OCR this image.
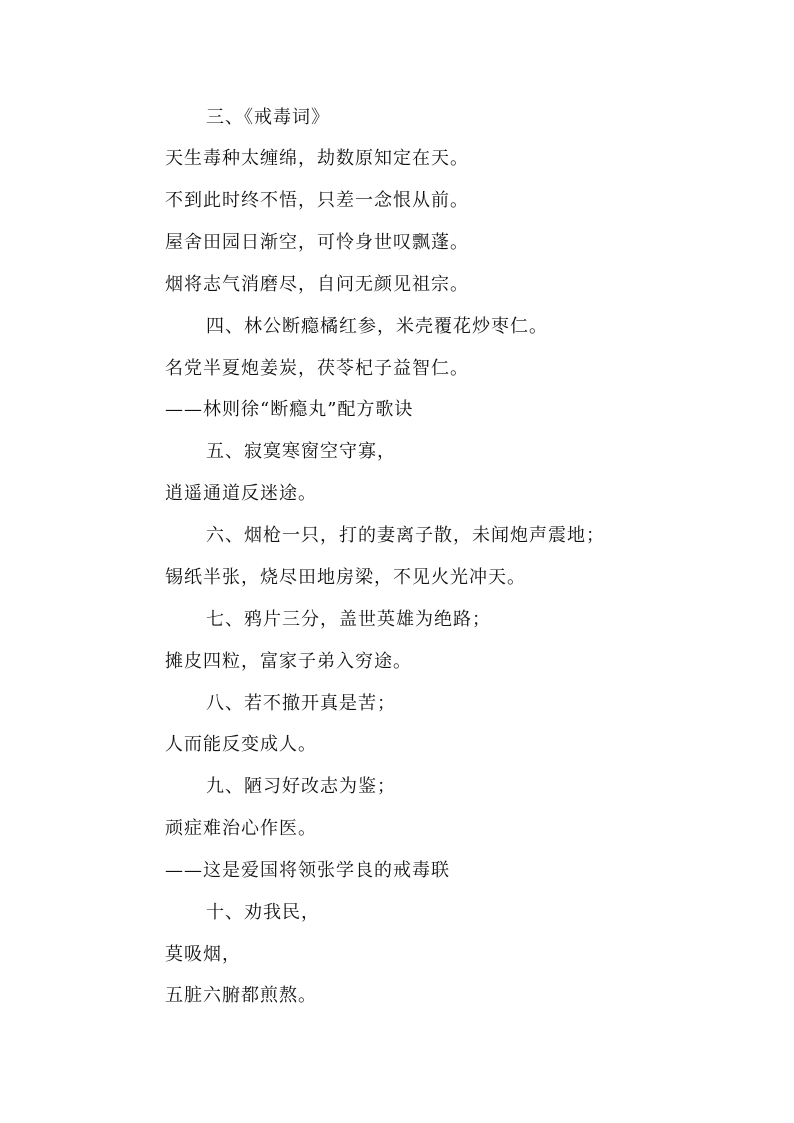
三、《戒毒词》
天生毒种太缠绵，劫数原知定在天。
不到此时终不悟，只差一念恨从前。
屋舍田园日渐空，可怜身世叹飘蓬。
烟将志气消磨尽，自问无颜见祖宗。
四、林公断瘾橘红参，米壳覆花炒枣仁。
名党半夏炮姜炭，茯苓杞子益智仁。
——林则徐“断瘾丸”配方歌诀
五、寂寞寒窗空守寡，
逍遥通道反迷途。
六、烟枪一只，打的妻离子散，未闻炮声震地；
锡纸半张，烧尽田地房梁，不见火光冲天。
七、鸦片三分，盖世英雄为绝路；
摊皮四粒，富家子弟入穷途。
八、若不撤开真是苦；
人而能反变成人。
九、陋习好改志为鉴；
顽症难治心作医。
——这是爱国将领张学良的戒毒联
十、劝我民，
莫吸烟，
五脏六腑都煎熬。
